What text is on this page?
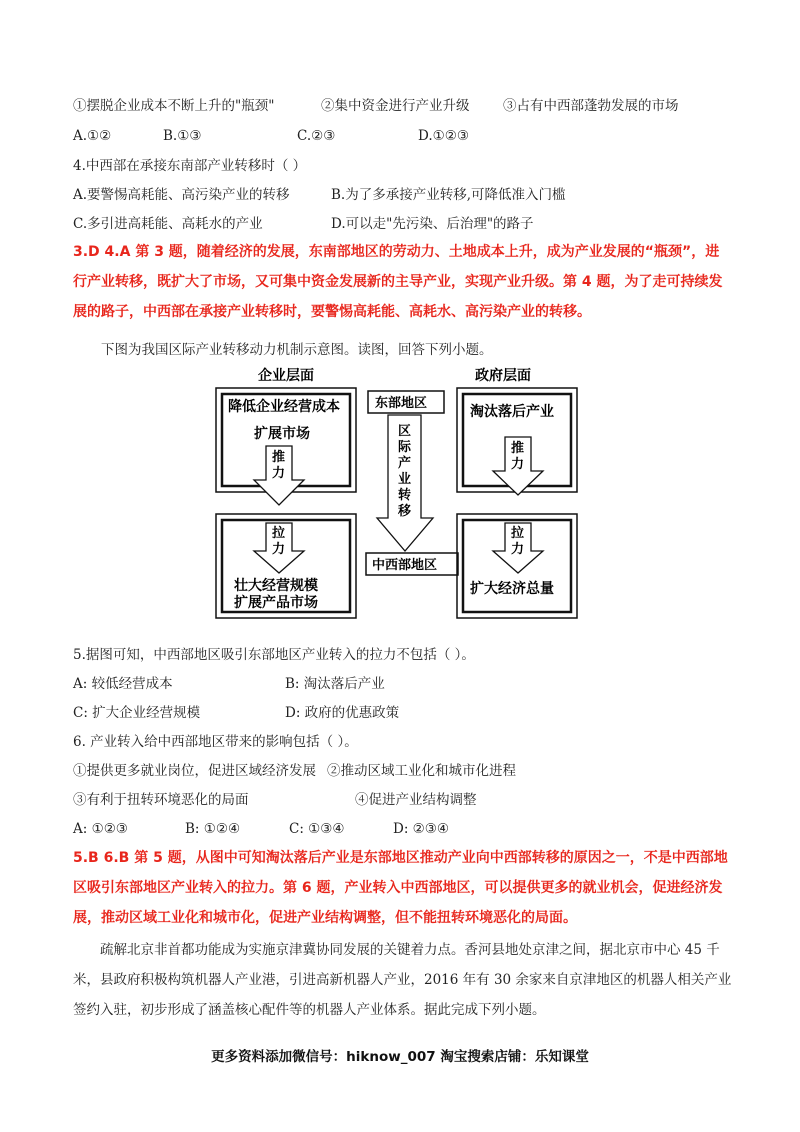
①摆脱企业成本不断上升的"瓶颈"	②集中资金进行产业升级 ③占有中西部蓬勃发展的市场
A.①②	B.①③	C.②③	D.①②③
4.中西部在承接东南部产业转移时（ ）
A.要警惕高耗能、高污染产业的转移	B.为了多承接产业转移,可降低准入门槛
C.多引进高耗能、高耗水的产业	D.可以走"先污染、后治理"的路子
3.D 4.A 第 3 题，随着经济的发展，东南部地区的劳动力、土地成本上升，成为产业发展的“瓶颈”，进行产业转移，既扩大了市场，又可集中资金发展新的主导产业，实现产业升级。第 4 题，为了走可持续发展的路子，中西部在承接产业转移时，要警惕高耗能、高耗水、高污染产业的转移。
下图为我国区际产业转移动力机制示意图。读图，回答下列小题。
企业层面
降低企业经营成本
扩展市场
推
力
拉
力
壮大经营规模
扩展产品市场
东部地区
区
际
产
业
转
移
中西部地区
政府层面
淘汰落后产业
推
力
拉
力
扩大经济总量
5.据图可知，中西部地区吸引东部地区产业转入的拉力不包括（ ）。
A: 较低经营成本	B: 淘汰落后产业
C: 扩大企业经营规模	D: 政府的优惠政策
6. 产业转入给中西部地区带来的影响包括（ ）。
①提供更多就业岗位，促进区域经济发展 ②推动区域工业化和城市化进程
③有利于扭转环境恶化的局面	④促进产业结构调整
A: ①②③	B: ①②④	C: ①③④	D: ②③④
5.B 6.B 第 5 题，从图中可知淘汰落后产业是东部地区推动产业向中西部转移的原因之一，不是中西部地区吸引东部地区产业转入的拉力。第 6 题，产业转入中西部地区，可以提供更多的就业机会，促进经济发展，推动区域工业化和城市化，促进产业结构调整，但不能扭转环境恶化的局面。
疏解北京非首都功能成为实施京津冀协同发展的关键着力点。香河县地处京津之间，据北京市中心 45 千米，县政府积极构筑机器人产业港，引进高新机器人产业，2016 年有 30 余家来自京津地区的机器人相关产业签约入驻，初步形成了涵盖核心配件等的机器人产业体系。据此完成下列小题。
更多资料添加微信号：hiknow_007 淘宝搜索店铺：乐知课堂
